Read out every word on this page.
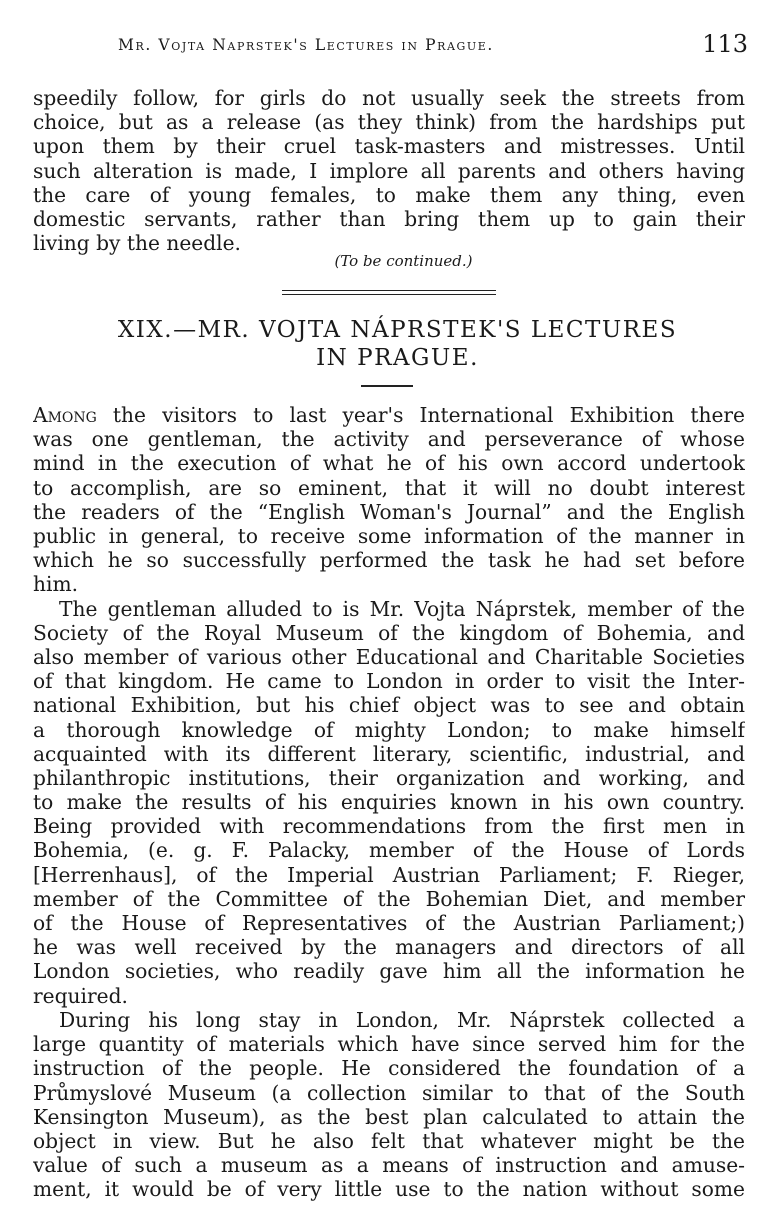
Mr. Vojta Naprstek's Lectures in Prague.	113
speedily follow, for girls do not usually seek the streets from
choice, but as a release (as they think) from the hardships put
upon them by their cruel task-masters and mistresses. Until
such alteration is made, I implore all parents and others having
the care of young females, to make them any thing, even
domestic servants, rather than bring them up to gain their
living by the needle.
(To be continued.)
XIX.—MR. VOJTA NÁPRSTEK'S LECTURES
IN PRAGUE.
Among the visitors to last year's International Exhibition there
was one gentleman, the activity and perseverance of whose
mind in the execution of what he of his own accord undertook
to accomplish, are so eminent, that it will no doubt interest
the readers of the “English Woman's Journal” and the English
public in general, to receive some information of the manner in
which he so successfully performed the task he had set before
him.
The gentleman alluded to is Mr. Vojta Náprstek, member of the
Society of the Royal Museum of the kingdom of Bohemia, and
also member of various other Educational and Charitable Societies
of that kingdom. He came to London in order to visit the Inter-
national Exhibition, but his chief object was to see and obtain
a thorough knowledge of mighty London; to make himself
acquainted with its different literary, scientific, industrial, and
philanthropic institutions, their organization and working, and
to make the results of his enquiries known in his own country.
Being provided with recommendations from the first men in
Bohemia, (e. g. F. Palacky, member of the House of Lords
[Herrenhaus], of the Imperial Austrian Parliament; F. Rieger,
member of the Committee of the Bohemian Diet, and member
of the House of Representatives of the Austrian Parliament;)
he was well received by the managers and directors of all
London societies, who readily gave him all the information he
required.
During his long stay in London, Mr. Náprstek collected a
large quantity of materials which have since served him for the
instruction of the people. He considered the foundation of a
Průmyslové Museum (a collection similar to that of the South
Kensington Museum), as the best plan calculated to attain the
object in view. But he also felt that whatever might be the
value of such a museum as a means of instruction and amuse-
ment, it would be of very little use to the nation without some
